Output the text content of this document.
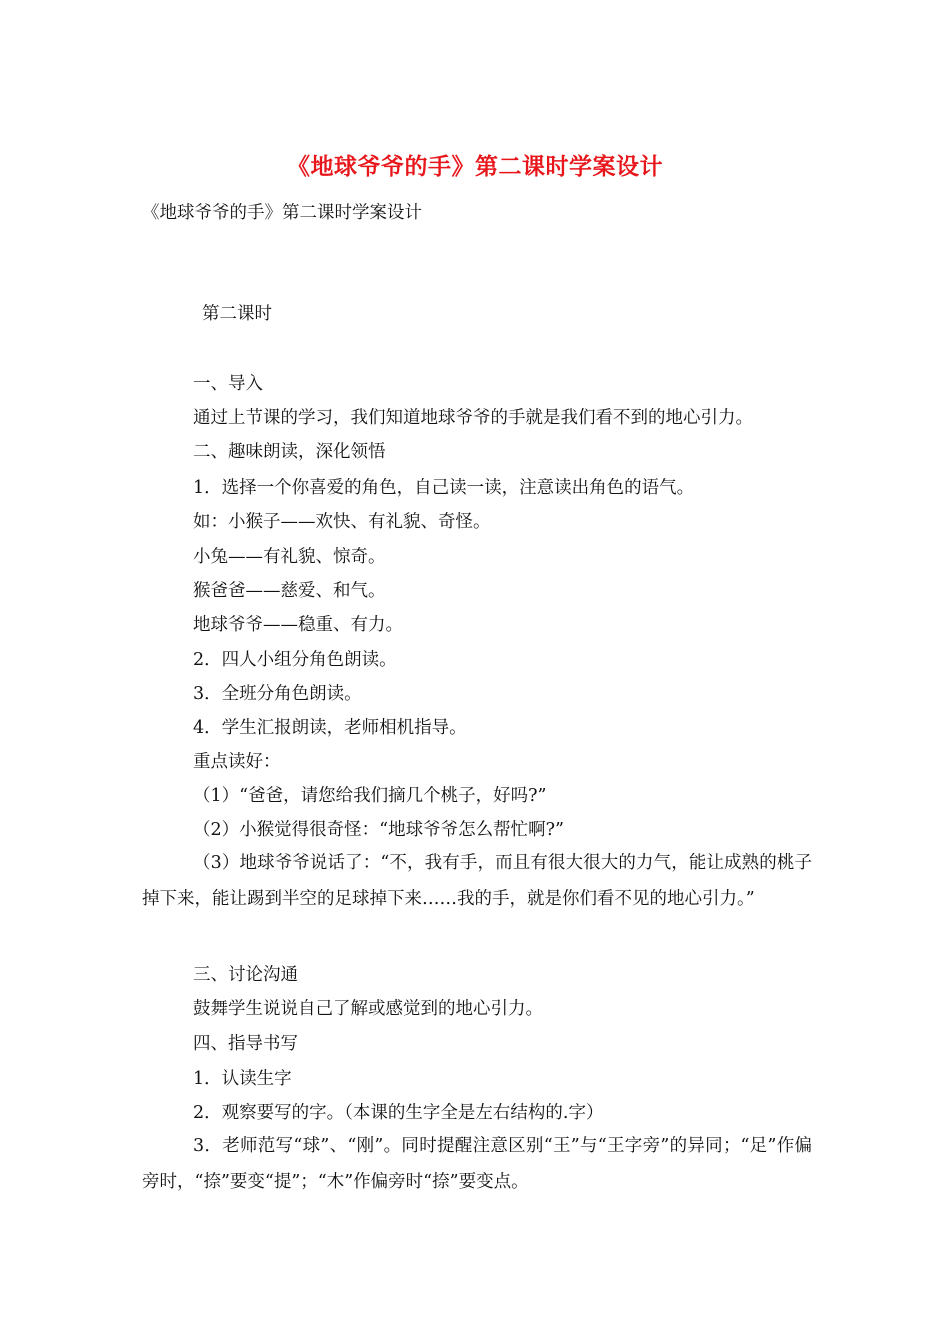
《地球爷爷的手》第二课时学案设计
《地球爷爷的手》第二课时学案设计
第二课时
一、导入
通过上节课的学习，我们知道地球爷爷的手就是我们看不到的地心引力。
二、趣味朗读，深化领悟
1．选择一个你喜爱的角色，自己读一读，注意读出角色的语气。
如：小猴子——欢快、有礼貌、奇怪。
小兔——有礼貌、惊奇。
猴爸爸——慈爱、和气。
地球爷爷——稳重、有力。
2．四人小组分角色朗读。
3．全班分角色朗读。
4．学生汇报朗读，老师相机指导。
重点读好：
（1）“爸爸，请您给我们摘几个桃子，好吗?”
（2）小猴觉得很奇怪：“地球爷爷怎么帮忙啊?”
（3）地球爷爷说话了：“不，我有手，而且有很大很大的力气，能让成熟的桃子掉下来，能让踢到半空的足球掉下来……我的手，就是你们看不见的地心引力。”
三、讨论沟通
鼓舞学生说说自己了解或感觉到的地心引力。
四、指导书写
1．认读生字
2．观察要写的字。（本课的生字全是左右结构的.字）
3．老师范写“球”、“刚”。同时提醒注意区别“王”与“王字旁”的异同；“足”作偏旁时，“捺”要变“提”；“木”作偏旁时“捺”要变点。
